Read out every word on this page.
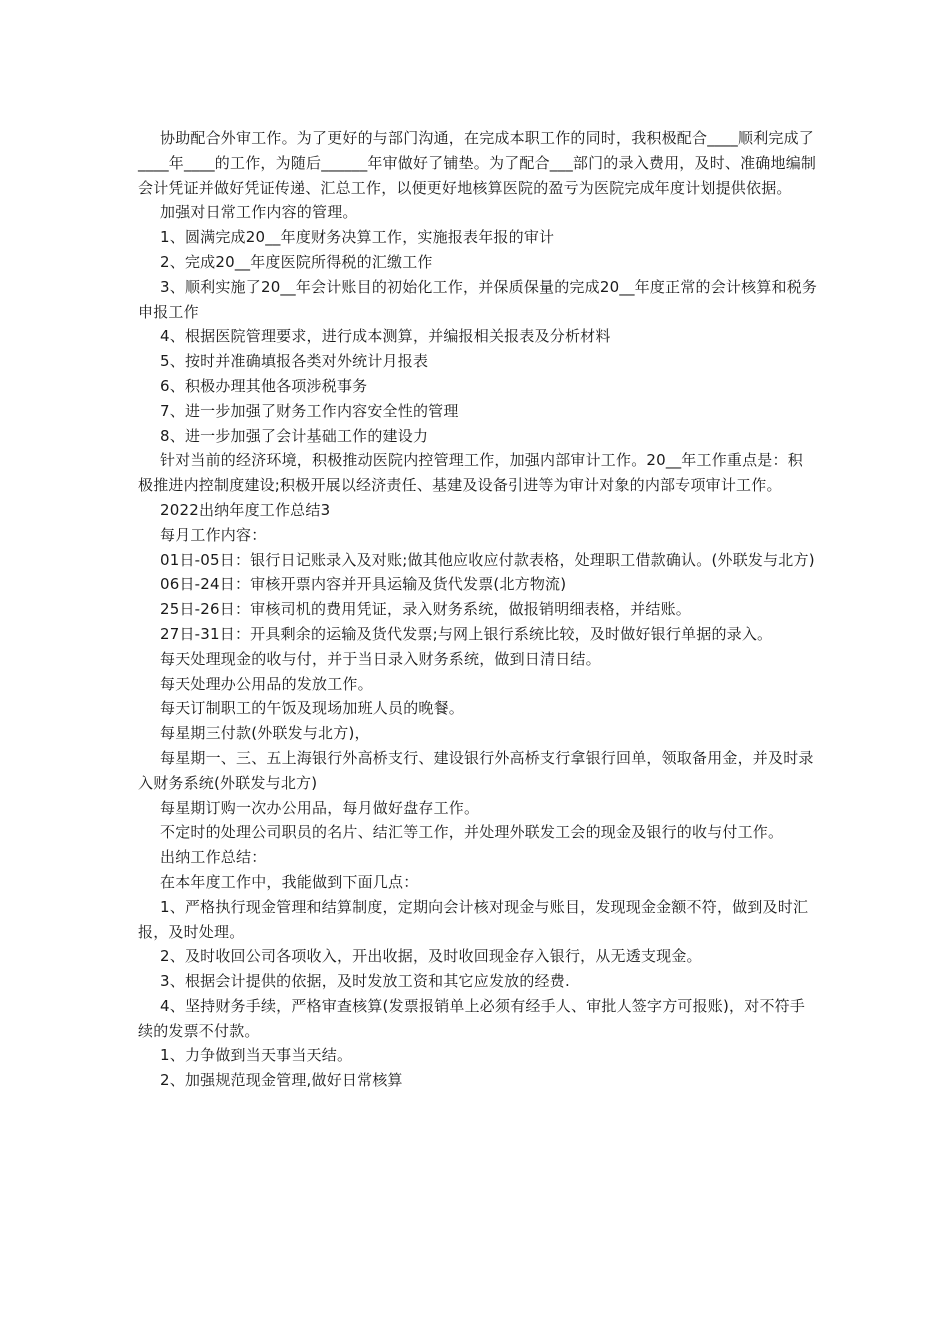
协助配合外审工作。为了更好的与部门沟通，在完成本职工作的同时，我积极配合____顺利完成了____年____的工作，为随后______年审做好了铺垫。为了配合___部门的录入费用，及时、准确地编制会计凭证并做好凭证传递、汇总工作，以便更好地核算医院的盈亏为医院完成年度计划提供依据。

加强对日常工作内容的管理。

1、圆满完成20__年度财务决算工作，实施报表年报的审计

2、完成20__年度医院所得税的汇缴工作

3、顺利实施了20__年会计账目的初始化工作，并保质保量的完成20__年度正常的会计核算和税务申报工作

4、根据医院管理要求，进行成本测算，并编报相关报表及分析材料

5、按时并准确填报各类对外统计月报表

6、积极办理其他各项涉税事务

7、进一步加强了财务工作内容安全性的管理

8、进一步加强了会计基础工作的建设力

针对当前的经济环境，积极推动医院内控管理工作，加强内部审计工作。20__年工作重点是：积极推进内控制度建设;积极开展以经济责任、基建及设备引进等为审计对象的内部专项审计工作。

2022出纳年度工作总结3

每月工作内容：

01日-05日：银行日记账录入及对账;做其他应收应付款表格，处理职工借款确认。(外联发与北方)

06日-24日：审核开票内容并开具运输及货代发票(北方物流)

25日-26日：审核司机的费用凭证，录入财务系统，做报销明细表格，并结账。

27日-31日：开具剩余的运输及货代发票;与网上银行系统比较，及时做好银行单据的录入。

每天处理现金的收与付，并于当日录入财务系统，做到日清日结。

每天处理办公用品的发放工作。

每天订制职工的午饭及现场加班人员的晚餐。

每星期三付款(外联发与北方)，

每星期一、三、五上海银行外高桥支行、建设银行外高桥支行拿银行回单，领取备用金，并及时录入财务系统(外联发与北方)

每星期订购一次办公用品，每月做好盘存工作。

不定时的处理公司职员的名片、结汇等工作，并处理外联发工会的现金及银行的收与付工作。

出纳工作总结：

在本年度工作中，我能做到下面几点：

1、严格执行现金管理和结算制度，定期向会计核对现金与账目，发现现金金额不符，做到及时汇报，及时处理。

2、及时收回公司各项收入，开出收据，及时收回现金存入银行，从无透支现金。

3、根据会计提供的依据，及时发放工资和其它应发放的经费.

4、坚持财务手续，严格审查核算(发票报销单上必须有经手人、审批人签字方可报账)，对不符手续的发票不付款。

1、力争做到当天事当天结。

2、加强规范现金管理,做好日常核算
